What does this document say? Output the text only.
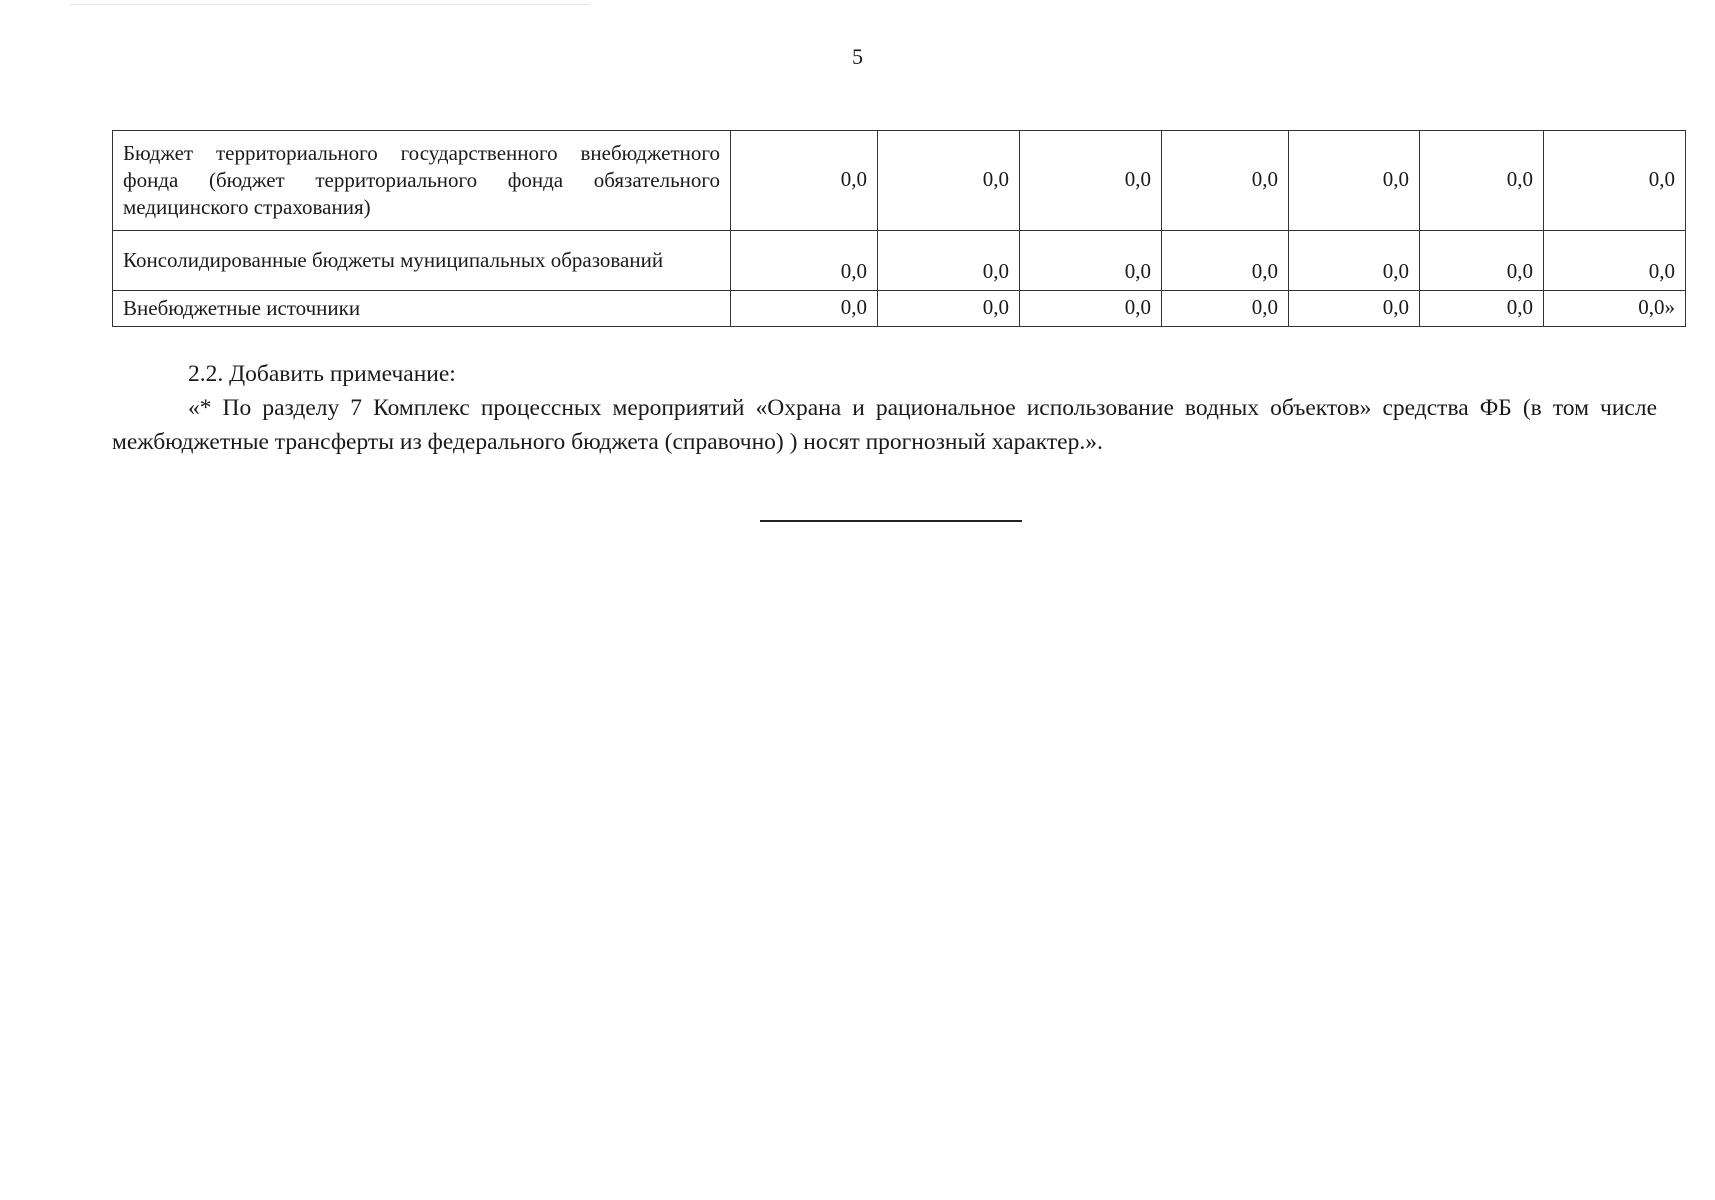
5
Бюджет территориального государственного внебюджетного фонда (бюджет территориального фонда обязательного медицинского страхования)	0,0	0,0	0,0	0,0	0,0	0,0	0,0
Консолидированные бюджеты муниципальных образований	0,0	0,0	0,0	0,0	0,0	0,0	0,0
Внебюджетные источники	0,0	0,0	0,0	0,0	0,0	0,0	0,0»
2.2. Добавить примечание:
«* По разделу 7 Комплекс процессных мероприятий «Охрана и рациональное использование водных объектов» средства ФБ (в том числе межбюджетные трансферты из федерального бюджета (справочно) ) носят прогнозный характер.».
